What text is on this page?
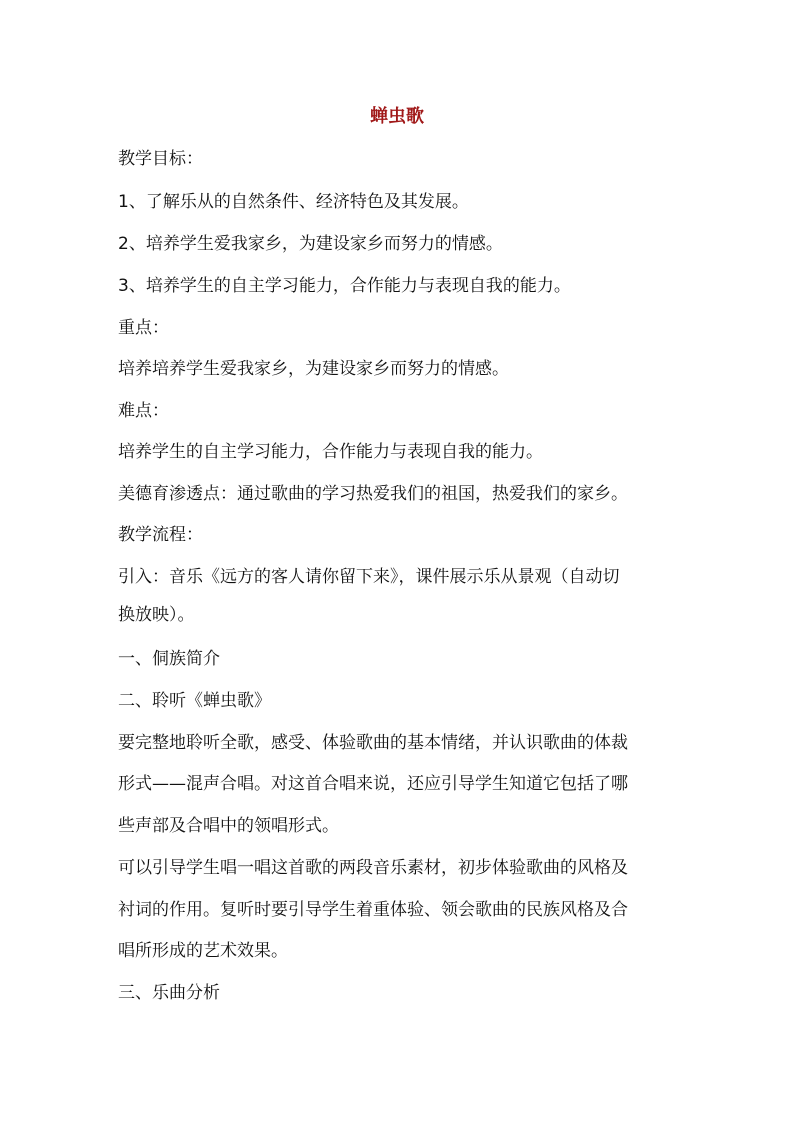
蝉虫歌
教学目标：
1、了解乐从的自然条件、经济特色及其发展。
2、培养学生爱我家乡，为建设家乡而努力的情感。
3、培养学生的自主学习能力，合作能力与表现自我的能力。
重点：
培养培养学生爱我家乡，为建设家乡而努力的情感。
难点：
培养学生的自主学习能力，合作能力与表现自我的能力。
美德育渗透点：通过歌曲的学习热爱我们的祖国，热爱我们的家乡。
教学流程：
引入：音乐《远方的客人请你留下来》，课件展示乐从景观（自动切
换放映）。
一、侗族简介
二、聆听《蝉虫歌》
要完整地聆听全歌，感受、体验歌曲的基本情绪，并认识歌曲的体裁
形式——混声合唱。对这首合唱来说，还应引导学生知道它包括了哪
些声部及合唱中的领唱形式。
可以引导学生唱一唱这首歌的两段音乐素材，初步体验歌曲的风格及
衬词的作用。复听时要引导学生着重体验、领会歌曲的民族风格及合
唱所形成的艺术效果。
三、乐曲分析
